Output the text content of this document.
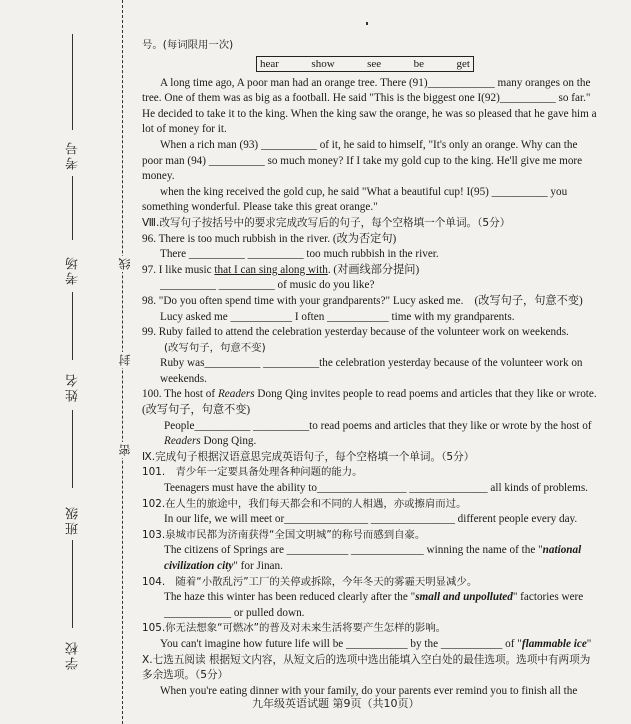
考号
考场
姓名
班级
学校
线
封
密

号。(每词限用一次)

hear	show	see	be	get

A long time ago, A poor man had an orange tree. There (91)____________ many oranges on the tree. One of them was as big as a football. He said "This is the biggest one I(92)__________ so far." He decided to take it to the king. When the king saw the orange, he was so pleased that he gave him a lot of money for it.

When a rich man (93) __________ of it, he said to himself, "It's only an orange. Why can the poor man (94) __________ so much money? If I take my gold cup to the king. He'll give me more money.

when the king received the gold cup, he said "What a beautiful cup! I(95) __________ you something wonderful. Please take this great orange."

Ⅷ.改写句子按括号中的要求完成改写后的句子，每个空格填一个单词。（5分）

96. There is too much rubbish in the river. (改为否定句)

There __________ __________ too much rubbish in the river.

97. I like music that I can sing along with. (对画线部分提问)

__________ __________ of music do you like?

98. "Do you often spend time with your grandparents?" Lucy asked me.　(改写句子，句意不变)

Lucy asked me ___________ I often ___________ time with my grandparents.

99. Ruby failed to attend the celebration yesterday because of the volunteer work on weekends.

(改写句子，句意不变)

Ruby was__________ __________the celebration yesterday because of the volunteer work on weekends.

100. The host of Readers Dong Qing invites people to read poems and articles that they like or wrote.(改写句子，句意不变)

People__________ __________to read poems and articles that they like or wrote by the host of Readers Dong Qing.

Ⅸ.完成句子根据汉语意思完成英语句子，每个空格填一个单词。（5分）

101.　青少年一定要具备处理各种问题的能力。

Teenagers must have the ability to________________ ______________ all kinds of problems.

102.在人生的旅途中，我们每天都会和不同的人相遇，亦或擦肩而过。

In our life, we will meet or_______________ _______________ different people every day.

103.泉城市民都为济南获得“全国文明城”的称号而感到自豪。

The citizens of Springs are ___________ _____________ winning the name of the "national civilization city" for Jinan.

104.　随着“小散乱污”工厂的关停或拆除，今年冬天的雾霾天明显减少。

The haze this winter has been reduced clearly after the "small and unpolluted" factories were ____________ or pulled down.

105.你无法想象“可燃冰”的普及对未来生活将要产生怎样的影响。

You can't imagine how future life will be ___________ by the ___________ of "flammable ice"

Ⅹ.七选五阅读 根据短文内容，从短文后的选项中选出能填入空白处的最佳选项。选项中有两项为多余选项。（5分）

When you're eating dinner with your family, do your parents ever remind you to finish all the

九年级英语试题 第9页（共10页）
